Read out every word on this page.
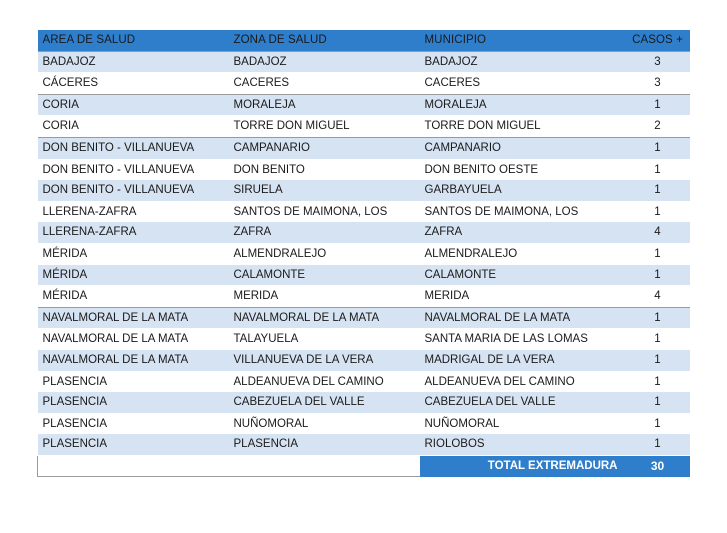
AREA DE SALUD	ZONA DE SALUD	MUNICIPIO	CASOS +
BADAJOZ	BADAJOZ	BADAJOZ	3
CÁCERES	CACERES	CACERES	3
CORIA	MORALEJA	MORALEJA	1
CORIA	TORRE DON MIGUEL	TORRE DON MIGUEL	2
DON BENITO - VILLANUEVA	CAMPANARIO	CAMPANARIO	1
DON BENITO - VILLANUEVA	DON BENITO	DON BENITO OESTE	1
DON BENITO - VILLANUEVA	SIRUELA	GARBAYUELA	1
LLERENA-ZAFRA	SANTOS DE MAIMONA, LOS	SANTOS DE MAIMONA, LOS	1
LLERENA-ZAFRA	ZAFRA	ZAFRA	4
MÉRIDA	ALMENDRALEJO	ALMENDRALEJO	1
MÉRIDA	CALAMONTE	CALAMONTE	1
MÉRIDA	MERIDA	MERIDA	4
NAVALMORAL DE LA MATA	NAVALMORAL DE LA MATA	NAVALMORAL DE LA MATA	1
NAVALMORAL DE LA MATA	TALAYUELA	SANTA MARIA DE LAS LOMAS	1
NAVALMORAL DE LA MATA	VILLANUEVA DE LA VERA	MADRIGAL DE LA VERA	1
PLASENCIA	ALDEANUEVA DEL CAMINO	ALDEANUEVA DEL CAMINO	1
PLASENCIA	CABEZUELA DEL VALLE	CABEZUELA DEL VALLE	1
PLASENCIA	NUÑOMORAL	NUÑOMORAL	1
PLASENCIA	PLASENCIA	RIOLOBOS	1
		TOTAL EXTREMADURA	30
